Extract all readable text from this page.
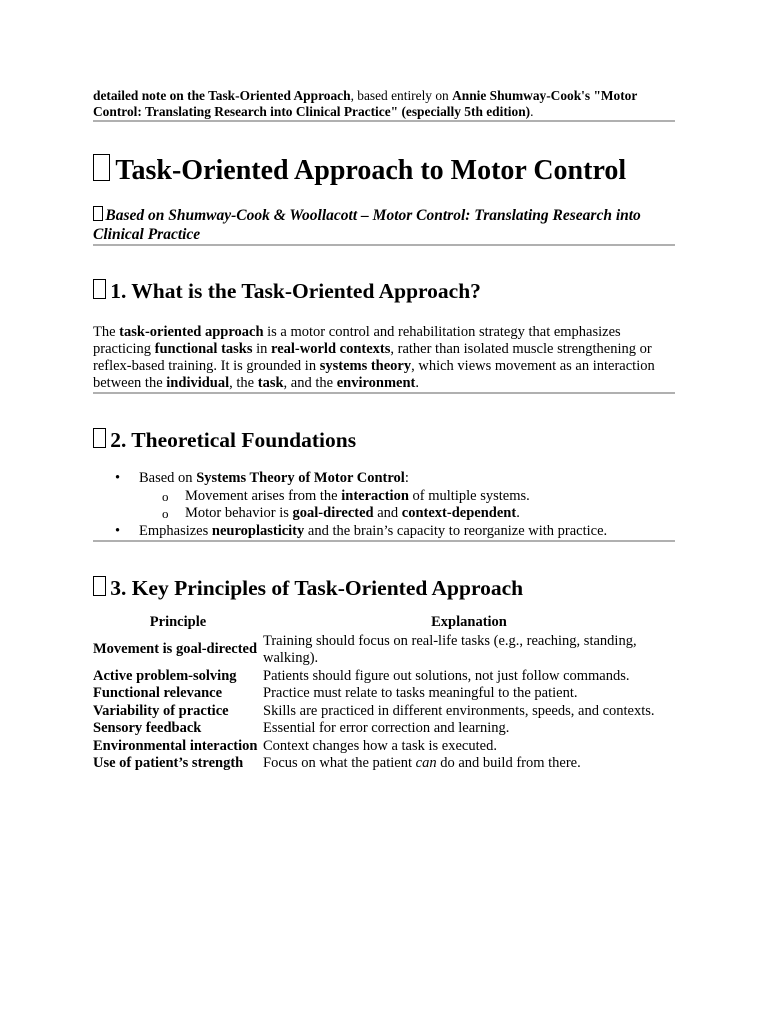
detailed note on the Task-Oriented Approach, based entirely on Annie Shumway-Cook's "Motor Control: Translating Research into Clinical Practice" (especially 5th edition).

Task-Oriented Approach to Motor Control

Based on Shumway-Cook & Woollacott – Motor Control: Translating Research into Clinical Practice

1. What is the Task-Oriented Approach?

The task-oriented approach is a motor control and rehabilitation strategy that emphasizes practicing functional tasks in real-world contexts, rather than isolated muscle strengthening or reflex-based training. It is grounded in systems theory, which views movement as an interaction between the individual, the task, and the environment.

2. Theoretical Foundations
• Based on Systems Theory of Motor Control:
o Movement arises from the interaction of multiple systems.
o Motor behavior is goal-directed and context-dependent.
• Emphasizes neuroplasticity and the brain’s capacity to reorganize with practice.
3. Key Principles of Task-Oriented Approach
Principle	Explanation
Movement is goal-directed	Training should focus on real-life tasks (e.g., reaching, standing, walking).
Active problem-solving	Patients should figure out solutions, not just follow commands.
Functional relevance	Practice must relate to tasks meaningful to the patient.
Variability of practice	Skills are practiced in different environments, speeds, and contexts.
Sensory feedback	Essential for error correction and learning.
Environmental interaction	Context changes how a task is executed.
Use of patient’s strength	Focus on what the patient can do and build from there.
